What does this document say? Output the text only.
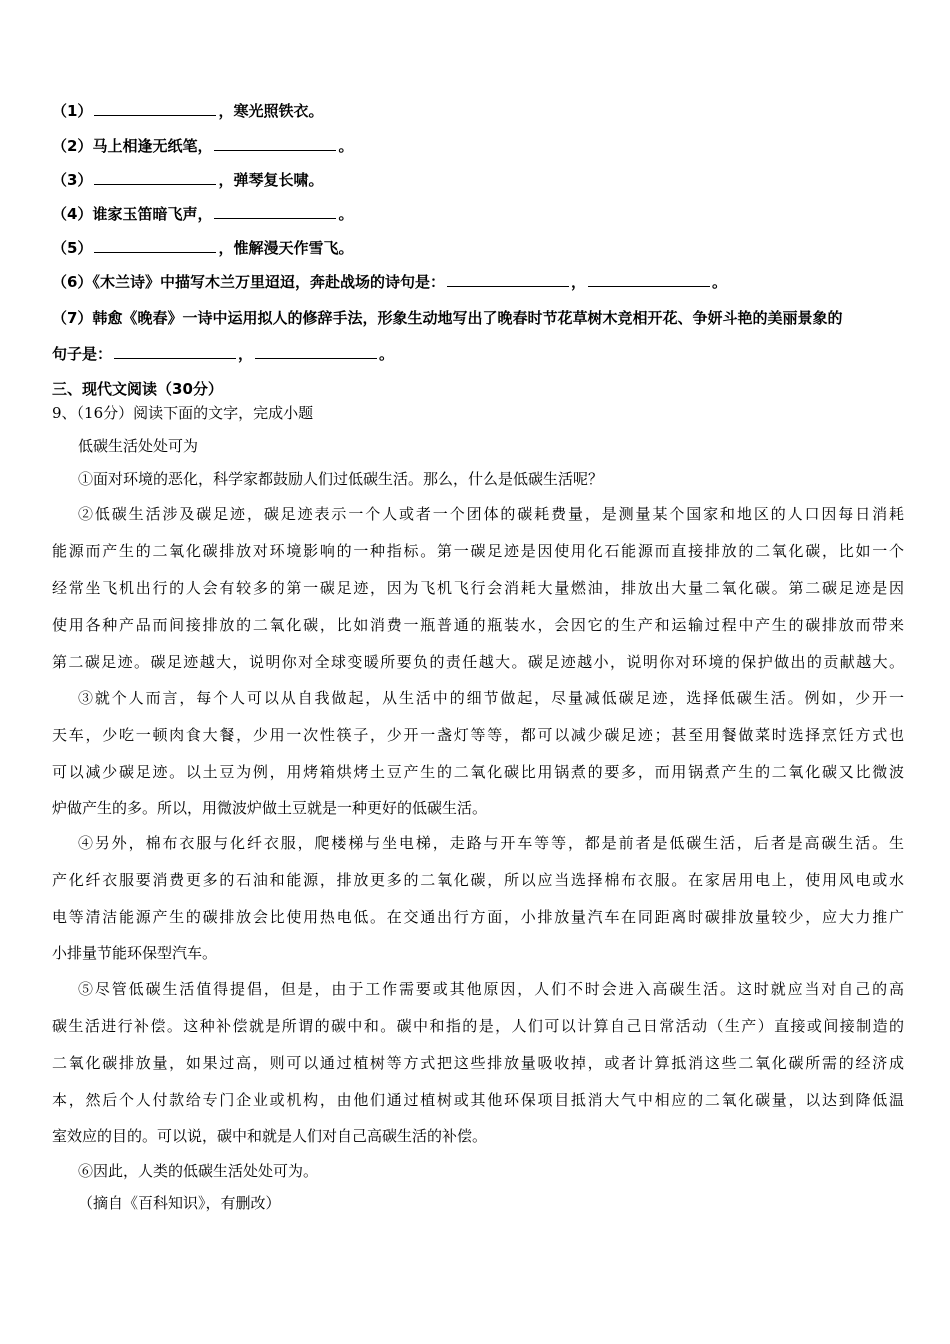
（1）	，寒光照铁衣。
（2）马上相逢无纸笔，	。
（3）	，弹琴复长啸。
（4）谁家玉笛暗飞声，	。
（5）	，惟解漫天作雪飞。
（6）《木兰诗》中描写木兰万里迢迢，奔赴战场的诗句是：	，	。
（7）韩愈《晚春》一诗中运用拟人的修辞手法，形象生动地写出了晚春时节花草树木竞相开花、争妍斗艳的美丽景象的
句子是：	，	。
三、现代文阅读（30分）
9、（16分）阅读下面的文字，完成小题
低碳生活处处可为
①面对环境的恶化，科学家都鼓励人们过低碳生活。那么，什么是低碳生活呢？
②低碳生活涉及碳足迹，碳足迹表示一个人或者一个团体的碳耗费量，是测量某个国家和地区的人口因每日消耗
能源而产生的二氧化碳排放对环境影响的一种指标。第一碳足迹是因使用化石能源而直接排放的二氧化碳，比如一个
经常坐飞机出行的人会有较多的第一碳足迹，因为飞机飞行会消耗大量燃油，排放出大量二氧化碳。第二碳足迹是因
使用各种产品而间接排放的二氧化碳，比如消费一瓶普通的瓶装水，会因它的生产和运输过程中产生的碳排放而带来
第二碳足迹。碳足迹越大，说明你对全球变暖所要负的责任越大。碳足迹越小，说明你对环境的保护做出的贡献越大。
③就个人而言，每个人可以从自我做起，从生活中的细节做起，尽量减低碳足迹，选择低碳生活。例如，少开一
天车，少吃一顿肉食大餐，少用一次性筷子，少开一盏灯等等，都可以减少碳足迹；甚至用餐做菜时选择烹饪方式也
可以减少碳足迹。以土豆为例，用烤箱烘烤土豆产生的二氧化碳比用锅煮的要多，而用锅煮产生的二氧化碳又比微波
炉做产生的多。所以，用微波炉做土豆就是一种更好的低碳生活。
④另外，棉布衣服与化纤衣服，爬楼梯与坐电梯，走路与开车等等，都是前者是低碳生活，后者是高碳生活。生
产化纤衣服要消费更多的石油和能源，排放更多的二氧化碳，所以应当选择棉布衣服。在家居用电上，使用风电或水
电等清洁能源产生的碳排放会比使用热电低。在交通出行方面，小排放量汽车在同距离时碳排放量较少，应大力推广
小排量节能环保型汽车。
⑤尽管低碳生活值得提倡，但是，由于工作需要或其他原因，人们不时会进入高碳生活。这时就应当对自己的高
碳生活进行补偿。这种补偿就是所谓的碳中和。碳中和指的是，人们可以计算自己日常活动（生产）直接或间接制造的
二氧化碳排放量，如果过高，则可以通过植树等方式把这些排放量吸收掉，或者计算抵消这些二氧化碳所需的经济成
本，然后个人付款给专门企业或机构，由他们通过植树或其他环保项目抵消大气中相应的二氧化碳量，以达到降低温
室效应的目的。可以说，碳中和就是人们对自己高碳生活的补偿。
⑥因此，人类的低碳生活处处可为。
（摘自《百科知识》，有删改）
